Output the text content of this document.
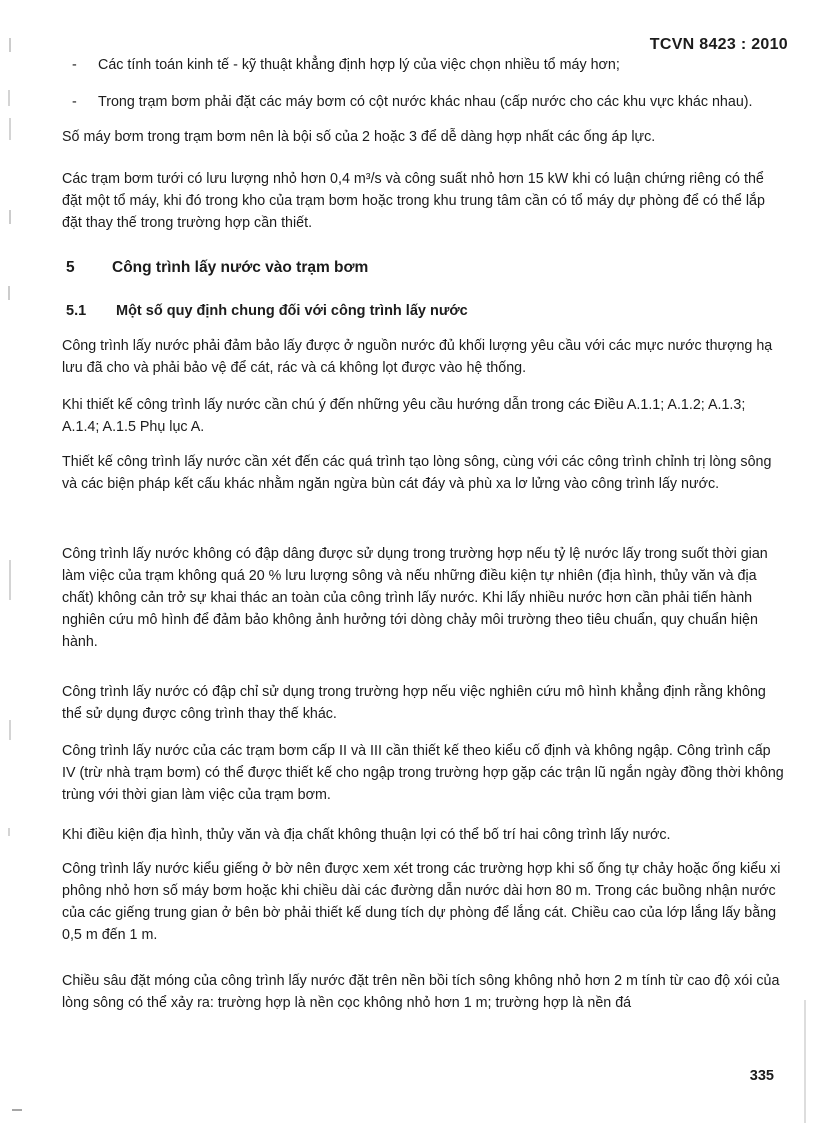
TCVN 8423 : 2010
-	Các tính toán kinh tế - kỹ thuật khẳng định hợp lý của việc chọn nhiều tổ máy hơn;
-	Trong trạm bơm phải đặt các máy bơm có cột nước khác nhau (cấp nước cho các khu vực khác nhau).

Số máy bơm trong trạm bơm nên là bội số của 2 hoặc 3 để dễ dàng hợp nhất các ống áp lực.

Các trạm bơm tưới có lưu lượng nhỏ hơn 0,4 m³/s và công suất nhỏ hơn 15 kW khi có luận chứng riêng có thể đặt một tổ máy, khi đó trong kho của trạm bơm hoặc trong khu trung tâm cần có tổ máy dự phòng để có thể lắp đặt thay thế trong trường hợp cần thiết.

5 Công trình lấy nước vào trạm bơm
5.1 Một số quy định chung đối với công trình lấy nước

Công trình lấy nước phải đảm bảo lấy được ở nguồn nước đủ khối lượng yêu cầu với các mực nước thượng hạ lưu đã cho và phải bảo vệ để cát, rác và cá không lọt được vào hệ thống.

Khi thiết kế công trình lấy nước cần chú ý đến những yêu cầu hướng dẫn trong các Điều A.1.1; A.1.2; A.1.3; A.1.4; A.1.5 Phụ lục A.

Thiết kế công trình lấy nước cần xét đến các quá trình tạo lòng sông, cùng với các công trình chỉnh trị lòng sông và các biện pháp kết cấu khác nhằm ngăn ngừa bùn cát đáy và phù xa lơ lửng vào công trình lấy nước.

Công trình lấy nước không có đập dâng được sử dụng trong trường hợp nếu tỷ lệ nước lấy trong suốt thời gian làm việc của trạm không quá 20 % lưu lượng sông và nếu những điều kiện tự nhiên (địa hình, thủy văn và địa chất) không cản trở sự khai thác an toàn của công trình lấy nước. Khi lấy nhiều nước hơn cần phải tiến hành nghiên cứu mô hình để đảm bảo không ảnh hưởng tới dòng chảy môi trường theo tiêu chuẩn, quy chuẩn hiện hành.

Công trình lấy nước có đập chỉ sử dụng trong trường hợp nếu việc nghiên cứu mô hình khẳng định rằng không thể sử dụng được công trình thay thế khác.

Công trình lấy nước của các trạm bơm cấp II và III cần thiết kế theo kiểu cố định và không ngập. Công trình cấp IV (trừ nhà trạm bơm) có thể được thiết kế cho ngập trong trường hợp gặp các trận lũ ngắn ngày đồng thời không trùng với thời gian làm việc của trạm bơm.

Khi điều kiện địa hình, thủy văn và địa chất không thuận lợi có thể bố trí hai công trình lấy nước.

Công trình lấy nước kiểu giếng ở bờ nên được xem xét trong các trường hợp khi số ống tự chảy hoặc ống kiểu xi phông nhỏ hơn số máy bơm hoặc khi chiều dài các đường dẫn nước dài hơn 80 m. Trong các buồng nhận nước của các giếng trung gian ở bên bờ phải thiết kế dung tích dự phòng để lắng cát. Chiều cao của lớp lắng lấy bằng 0,5 m đến 1 m.

Chiều sâu đặt móng của công trình lấy nước đặt trên nền bồi tích sông không nhỏ hơn 2 m tính từ cao độ xói của lòng sông có thể xảy ra: trường hợp là nền cọc không nhỏ hơn 1 m; trường hợp là nền đá

335
